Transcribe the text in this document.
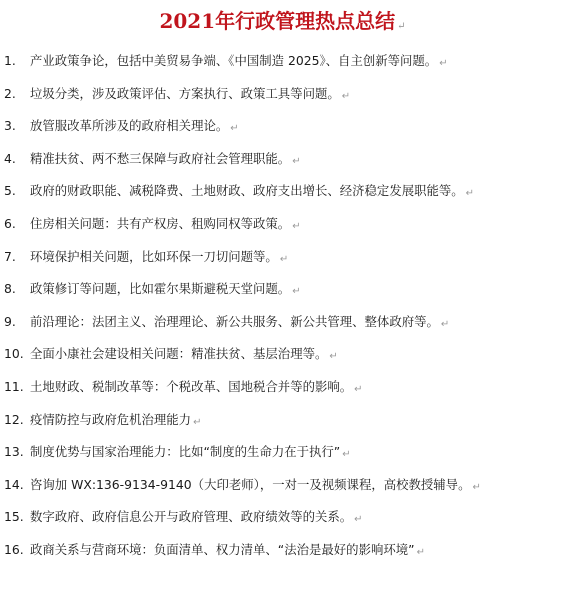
2021年行政管理热点总结 ↵
1. 产业政策争论，包括中美贸易争端、《中国制造 2025》、自主创新等问题。 ↵
2. 垃圾分类，涉及政策评估、方案执行、政策工具等问题。 ↵
3. 放管服改革所涉及的政府相关理论。 ↵
4. 精准扶贫、两不愁三保障与政府社会管理职能。 ↵
5. 政府的财政职能、减税降费、土地财政、政府支出增长、经济稳定发展职能等。 ↵
6. 住房相关问题：共有产权房、租购同权等政策。 ↵
7. 环境保护相关问题，比如环保一刀切问题等。 ↵
8. 政策修订等问题，比如霍尔果斯避税天堂问题。 ↵
9. 前沿理论：法团主义、治理理论、新公共服务、新公共管理、整体政府等。 ↵
10. 全面小康社会建设相关问题：精准扶贫、基层治理等。 ↵
11. 土地财政、税制改革等：个税改革、国地税合并等的影响。 ↵
12. 疫情防控与政府危机治理能力 ↵
13. 制度优势与国家治理能力：比如“制度的生命力在于执行” ↵
14. 咨询加 WX:136-9134-9140（大印老师），一对一及视频课程，高校教授辅导。 ↵
15. 数字政府、政府信息公开与政府管理、政府绩效等的关系。 ↵
16. 政商关系与营商环境：负面清单、权力清单、“法治是最好的影响环境” ↵
